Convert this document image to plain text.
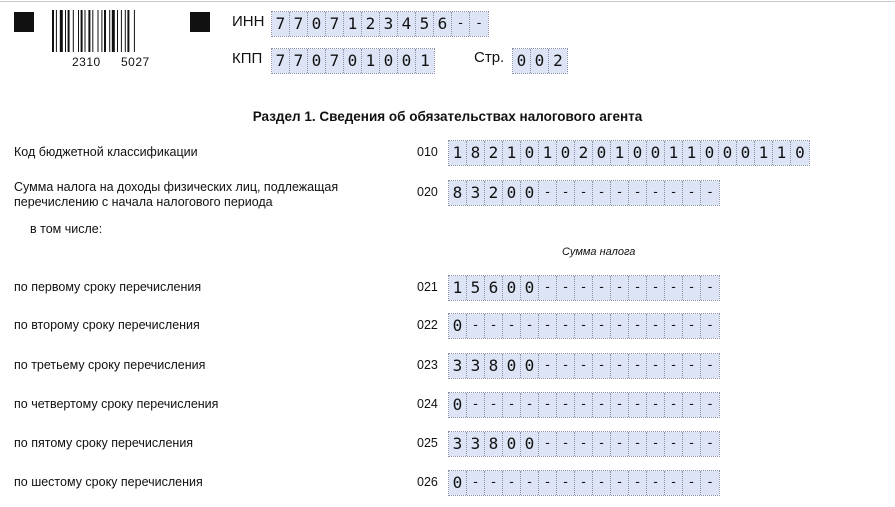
2310 5027
ИНН 7 7 0 7 1 2 3 4 5 6 - -
КПП 7 7 0 7 0 1 0 0 1	Стр. 0 0 2
Раздел 1. Сведения об обязательствах налогового агента
Код бюджетной классификации	010 1 8 2 1 0 1 0 2 0 1 0 0 1 1 0 0 0 1 1 0
Сумма налога на доходы физических лиц, подлежащая перечислению с начала налогового периода
020 8 3 2 0 0 - - - - - - - - - -
по первому сроку перечисления	021 1 5 6 0 0 - - - - - - - - - -
по второму сроку перечисления	022 0 - - - - - - - - - - - - - -
по третьему сроку перечисления	023 3 3 8 0 0 - - - - - - - - - -
по четвертому сроку перечисления	024 0 - - - - - - - - - - - - - -
по пятому сроку перечисления	025 3 3 8 0 0 - - - - - - - - - -
по шестому сроку перечисления	026 0 - - - - - - - - - - - - - -
в том числе:
Сумма налога
